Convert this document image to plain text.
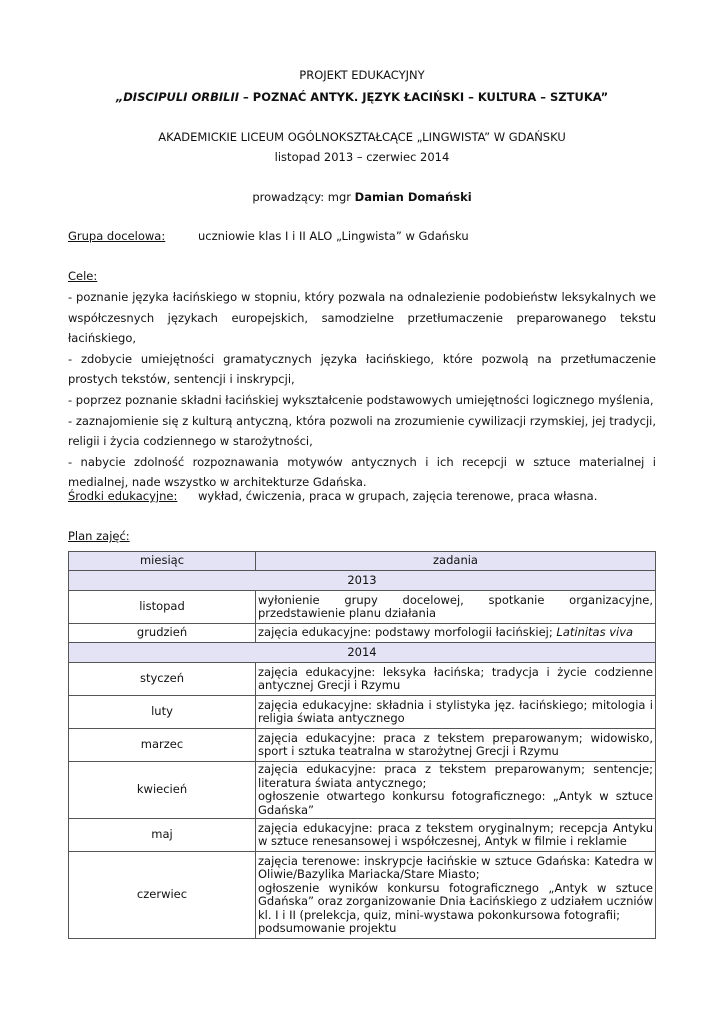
PROJEKT EDUKACYJNY
„DISCIPULI ORBILII – POZNAĆ ANTYK. JĘZYK ŁACIŃSKI – KULTURA – SZTUKA”
AKADEMICKIE LICEUM OGÓLNOKSZTAŁCĄCE „LINGWISTA” W GDAŃSKU
listopad 2013 – czerwiec 2014
prowadzący: mgr Damian Domański
Grupa docelowa:	uczniowie klas I i II ALO „Lingwista” w Gdańsku
Cele:
- poznanie języka łacińskiego w stopniu, który pozwala na odnalezienie podobieństw leksykalnych we współczesnych językach europejskich, samodzielne przetłumaczenie preparowanego tekstu łacińskiego,
- zdobycie umiejętności gramatycznych języka łacińskiego, które pozwolą na przetłumaczenie prostych tekstów, sentencji i inskrypcji,
- poprzez poznanie składni łacińskiej wykształcenie podstawowych umiejętności logicznego myślenia,
- zaznajomienie się z kulturą antyczną, która pozwoli na zrozumienie cywilizacji rzymskiej, jej tradycji, religii i życia codziennego w starożytności,
- nabycie zdolność rozpoznawania motywów antycznych i ich recepcji w sztuce materialnej i medialnej, nade wszystko w architekturze Gdańska.
Środki edukacyjne: wykład, ćwiczenia, praca w grupach, zajęcia terenowe, praca własna.
Plan zajęć:
miesiąc	zadania
2013	
listopad	wyłonienie grupy docelowej, spotkanie organizacyjne, przedstawienie planu działania
grudzień	zajęcia edukacyjne: podstawy morfologii łacińskiej; Latinitas viva
2014	
styczeń	zajęcia edukacyjne: leksyka łacińska; tradycja i życie codzienne antycznej Grecji i Rzymu
luty	zajęcia edukacyjne: składnia i stylistyka jęz. łacińskiego; mitologia i religia świata antycznego
marzec	zajęcia edukacyjne: praca z tekstem preparowanym; widowisko, sport i sztuka teatralna w starożytnej Grecji i Rzymu
kwiecień	zajęcia edukacyjne: praca z tekstem preparowanym; sentencje; literatura świata antycznego;
ogłoszenie otwartego konkursu fotograficznego: „Antyk w sztuce Gdańska”

maj	zajęcia edukacyjne: praca z tekstem oryginalnym; recepcja Antyku w sztuce renesansowej i współczesnej, Antyk w filmie i reklamie
czerwiec	zajęcia terenowe: inskrypcje łacińskie w sztuce Gdańska: Katedra w Oliwie/Bazylika Mariacka/Stare Miasto;
ogłoszenie wyników konkursu fotograficznego „Antyk w sztuce Gdańska” oraz zorganizowanie Dnia Łacińskiego z udziałem uczniów kl. I i II (prelekcja, quiz, mini-wystawa pokonkursowa fotografii;
podsumowanie projektu
